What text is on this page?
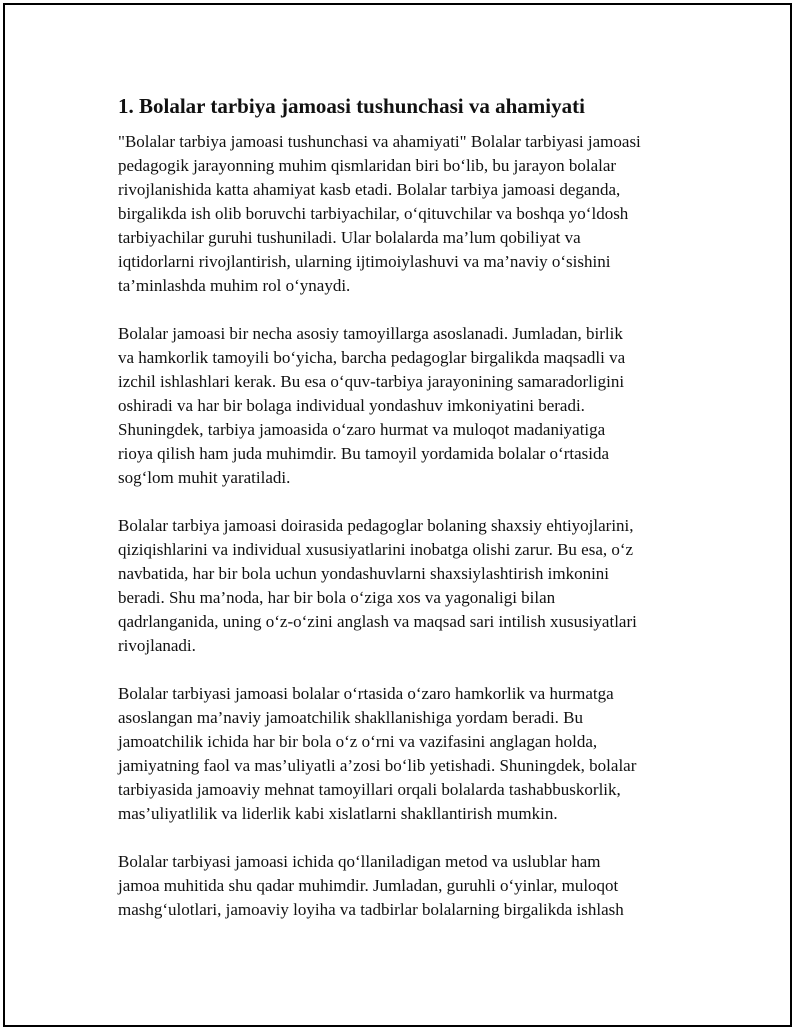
1. Bolalar tarbiya jamoasi tushunchasi va ahamiyati

"Bolalar tarbiya jamoasi tushunchasi va ahamiyati" Bolalar tarbiyasi jamoasi
pedagogik jarayonning muhim qismlaridan biri bo‘lib, bu jarayon bolalar
rivojlanishida katta ahamiyat kasb etadi. Bolalar tarbiya jamoasi deganda,
birgalikda ish olib boruvchi tarbiyachilar, o‘qituvchilar va boshqa yo‘ldosh
tarbiyachilar guruhi tushuniladi. Ular bolalarda ma’lum qobiliyat va
iqtidorlarni rivojlantirish, ularning ijtimoiylashuvi va ma’naviy o‘sishini
ta’minlashda muhim rol o‘ynaydi.

Bolalar jamoasi bir necha asosiy tamoyillarga asoslanadi. Jumladan, birlik
va hamkorlik tamoyili bo‘yicha, barcha pedagoglar birgalikda maqsadli va
izchil ishlashlari kerak. Bu esa o‘quv-tarbiya jarayonining samaradorligini
oshiradi va har bir bolaga individual yondashuv imkoniyatini beradi.
Shuningdek, tarbiya jamoasida o‘zaro hurmat va muloqot madaniyatiga
rioya qilish ham juda muhimdir. Bu tamoyil yordamida bolalar o‘rtasida
sog‘lom muhit yaratiladi.

Bolalar tarbiya jamoasi doirasida pedagoglar bolaning shaxsiy ehtiyojlarini,
qiziqishlarini va individual xususiyatlarini inobatga olishi zarur. Bu esa, o‘z
navbatida, har bir bola uchun yondashuvlarni shaxsiylashtirish imkonini
beradi. Shu ma’noda, har bir bola o‘ziga xos va yagonaligi bilan
qadrlanganida, uning o‘z-o‘zini anglash va maqsad sari intilish xususiyatlari
rivojlanadi.

Bolalar tarbiyasi jamoasi bolalar o‘rtasida o‘zaro hamkorlik va hurmatga
asoslangan ma’naviy jamoatchilik shakllanishiga yordam beradi. Bu
jamoatchilik ichida har bir bola o‘z o‘rni va vazifasini anglagan holda,
jamiyatning faol va mas’uliyatli a’zosi bo‘lib yetishadi. Shuningdek, bolalar
tarbiyasida jamoaviy mehnat tamoyillari orqali bolalarda tashabbuskorlik,
mas’uliyatlilik va liderlik kabi xislatlarni shakllantirish mumkin.

Bolalar tarbiyasi jamoasi ichida qo‘llaniladigan metod va uslublar ham
jamoa muhitida shu qadar muhimdir. Jumladan, guruhli o‘yinlar, muloqot
mashg‘ulotlari, jamoaviy loyiha va tadbirlar bolalarning birgalikda ishlash
